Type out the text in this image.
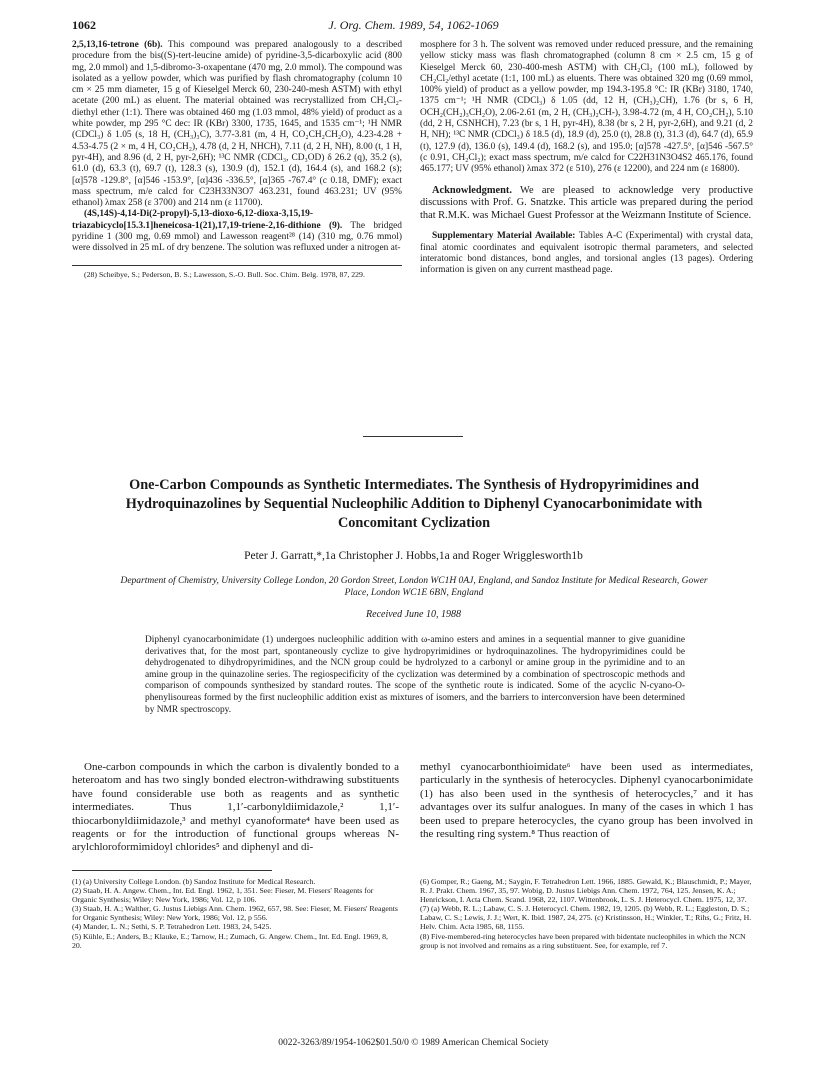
1062	J. Org. Chem. 1989, 54, 1062-1069

2,5,13,16-tetrone (6b). This compound was prepared analogously to a described procedure from the bis((S)-tert-leucine amide) of pyridine-3,5-dicarboxylic acid (800 mg, 2.0 mmol) and 1,5-dibromo-3-oxapentane (470 mg, 2.0 mmol). The compound was isolated as a yellow powder, which was purified by flash chromatography (column 10 cm × 25 mm diameter, 15 g of Kieselgel Merck 60, 230-240-mesh ASTM) with ethyl acetate (200 mL) as eluent. The material obtained was recrystallized from CH₂Cl₂-diethyl ether (1:1). There was obtained 460 mg (1.03 mmol, 48% yield) of product as a white powder, mp 295 °C dec: IR (KBr) 3300, 1735, 1645, and 1535 cm⁻¹; ¹H NMR (CDCl₃) δ 1.05 (s, 18 H, (CH₃)₃C), 3.77-3.81 (m, 4 H, CO₂CH₂CH₂O), 4.23-4.28 + 4.53-4.75 (2 × m, 4 H, CO₂CH₂), 4.78 (d, 2 H, NHCH), 7.11 (d, 2 H, NH), 8.00 (t, 1 H, pyr-4H), and 8.96 (d, 2 H, pyr-2,6H); ¹³C NMR (CDCl₃, CD₃OD) δ 26.2 (q), 35.2 (s), 61.0 (d), 63.3 (t), 69.7 (t), 128.3 (s), 130.9 (d), 152.1 (d), 164.4 (s), and 168.2 (s); [α]578 -129.8°, [α]546 -153.9°, [α]436 -336.5°, [α]365 -767.4° (c 0.18, DMF); exact mass spectrum, m/e calcd for C23H33N3O7 463.231, found 463.231; UV (95% ethanol) λmax 258 (ε 3700) and 214 nm (ε 11700).

(4S,14S)-4,14-Di(2-propyl)-5,13-dioxo-6,12-dioxa-3,15,19-triazabicyclo[15.3.1]heneicosa-1(21),17,19-triene-2,16-dithione (9). The bridged pyridine 1 (300 mg, 0.69 mmol) and Lawesson reagent²⁸ (14) (310 mg, 0.76 mmol) were dissolved in 25 mL of dry benzene. The solution was refluxed under a nitrogen at-

(28) Scheibye, S.; Pederson, B. S.; Lawesson, S.-O. Bull. Soc. Chim. Belg. 1978, 87, 229.

mosphere for 3 h. The solvent was removed under reduced pressure, and the remaining yellow sticky mass was flash chromatographed (column 8 cm × 2.5 cm, 15 g of Kieselgel Merck 60, 230-400-mesh ASTM) with CH₂Cl₂ (100 mL), followed by CH₂Cl₂/ethyl acetate (1:1, 100 mL) as eluents. There was obtained 320 mg (0.69 mmol, 100% yield) of product as a yellow powder, mp 194.3-195.8 °C: IR (KBr) 3180, 1740, 1375 cm⁻¹; ¹H NMR (CDCl₃) δ 1.05 (dd, 12 H, (CH₃)₂CH), 1.76 (br s, 6 H, OCH₂(CH₂)₃CH₂O), 2.06-2.61 (m, 2 H, (CH₃)₂CH-), 3.98-4.72 (m, 4 H, CO₂CH₂), 5.10 (dd, 2 H, CSNHCH), 7.23 (br s, 1 H, pyr-4H), 8.38 (br s, 2 H, pyr-2,6H), and 9.21 (d, 2 H, NH); ¹³C NMR (CDCl₃) δ 18.5 (d), 18.9 (d), 25.0 (t), 28.8 (t), 31.3 (d), 64.7 (d), 65.9 (t), 127.9 (d), 136.0 (s), 149.4 (d), 168.2 (s), and 195.0; [α]578 -427.5°, [α]546 -567.5° (c 0.91, CH₂Cl₂); exact mass spectrum, m/e calcd for C22H31N3O4S2 465.176, found 465.177; UV (95% ethanol) λmax 372 (ε 510), 276 (ε 12200), and 224 nm (ε 16800).

Acknowledgment. We are pleased to acknowledge very productive discussions with Prof. G. Snatzke. This article was prepared during the period that R.M.K. was Michael Guest Professor at the Weizmann Institute of Science.

Supplementary Material Available: Tables A-C (Experimental) with crystal data, final atomic coordinates and equivalent isotropic thermal parameters, and selected interatomic bond distances, bond angles, and torsional angles (13 pages). Ordering information is given on any current masthead page.

One-Carbon Compounds as Synthetic Intermediates. The Synthesis of Hydropyrimidines and Hydroquinazolines by Sequential Nucleophilic Addition to Diphenyl Cyanocarbonimidate with Concomitant Cyclization
Peter J. Garratt,*,1a Christopher J. Hobbs,1a and Roger Wrigglesworth1b
Department of Chemistry, University College London, 20 Gordon Street, London WC1H 0AJ, England, and Sandoz Institute for Medical Research, Gower Place, London WC1E 6BN, England
Received June 10, 1988
Diphenyl cyanocarbonimidate (1) undergoes nucleophilic addition with ω-amino esters and amines in a sequential manner to give guanidine derivatives that, for the most part, spontaneously cyclize to give hydropyrimidines or hydroquinazolines. The hydropyrimidines could be dehydrogenated to dihydropyrimidines, and the NCN group could be hydrolyzed to a carbonyl or amine group in the pyrimidine and to an amine group in the quinazoline series. The regiospecificity of the cyclization was determined by a combination of spectroscopic methods and comparison of compounds synthesized by standard routes. The scope of the synthetic route is indicated. Some of the acyclic N-cyano-O-phenylisoureas formed by the first nucleophilic addition exist as mixtures of isomers, and the barriers to interconversion have been determined by NMR spectroscopy.

One-carbon compounds in which the carbon is divalently bonded to a heteroatom and has two singly bonded electron-withdrawing substituents have found considerable use both as reagents and as synthetic intermediates. Thus 1,1′-carbonyldiimidazole,² 1,1′-thiocarbonyldiimidazole,³ and methyl cyanoformate⁴ have been used as reagents or for the introduction of functional groups whereas N-arylchloroformimidoyl chlorides⁵ and diphenyl and di-

methyl cyanocarbonthioimidate⁶ have been used as intermediates, particularly in the synthesis of heterocycles. Diphenyl cyanocarbonimidate (1) has also been used in the synthesis of heterocycles,⁷ and it has advantages over its sulfur analogues. In many of the cases in which 1 has been used to prepare heterocycles, the cyano group has been involved in the resulting ring system.⁸ Thus reaction of

(1) (a) University College London. (b) Sandoz Institute for Medical Research.

(2) Staab, H. A. Angew. Chem., Int. Ed. Engl. 1962, 1, 351. See: Fieser, M. Fiesers' Reagents for Organic Synthesis; Wiley: New York, 1986; Vol. 12, p 106.

(3) Staab, H. A.; Walther, G. Justus Liebigs Ann. Chem. 1962, 657, 98. See: Fieser, M. Fiesers' Reagents for Organic Synthesis; Wiley: New York, 1986; Vol. 12, p 556.

(4) Mander, L. N.; Sethi, S. P. Tetrahedron Lett. 1983, 24, 5425.

(5) Kühle, E.; Anders, B.; Klauke, E.; Tarnow, H.; Zumach, G. Angew. Chem., Int. Ed. Engl. 1969, 8, 20.

(6) Gomper, R.; Gaeng, M.; Saygin, F. Tetrahedron Lett. 1966, 1885. Gewald, K.; Blauschmidt, P.; Mayer, R. J. Prakt. Chem. 1967, 35, 97. Wobig, D. Justus Liebigs Ann. Chem. 1972, 764, 125. Jensen, K. A.; Henrickson, I. Acta Chem. Scand. 1968, 22, 1107. Wittenbrook, L. S. J. Heterocycl. Chem. 1975, 12, 37.

(7) (a) Webb, R. L.; Labaw, C. S. J. Heterocycl. Chem. 1982, 19, 1205. (b) Webb, R. L.; Eggleston, D. S.; Labaw, C. S.; Lewis, J. J.; Wert, K. Ibid. 1987, 24, 275. (c) Kristinsson, H.; Winkler, T.; Rihs, G.; Fritz, H. Helv. Chim. Acta 1985, 68, 1155.

(8) Five-membered-ring heterocycles have been prepared with bidentate nucleophiles in which the NCN group is not involved and remains as a ring substituent. See, for example, ref 7.

0022-3263/89/1954-1062$01.50/0 © 1989 American Chemical Society
